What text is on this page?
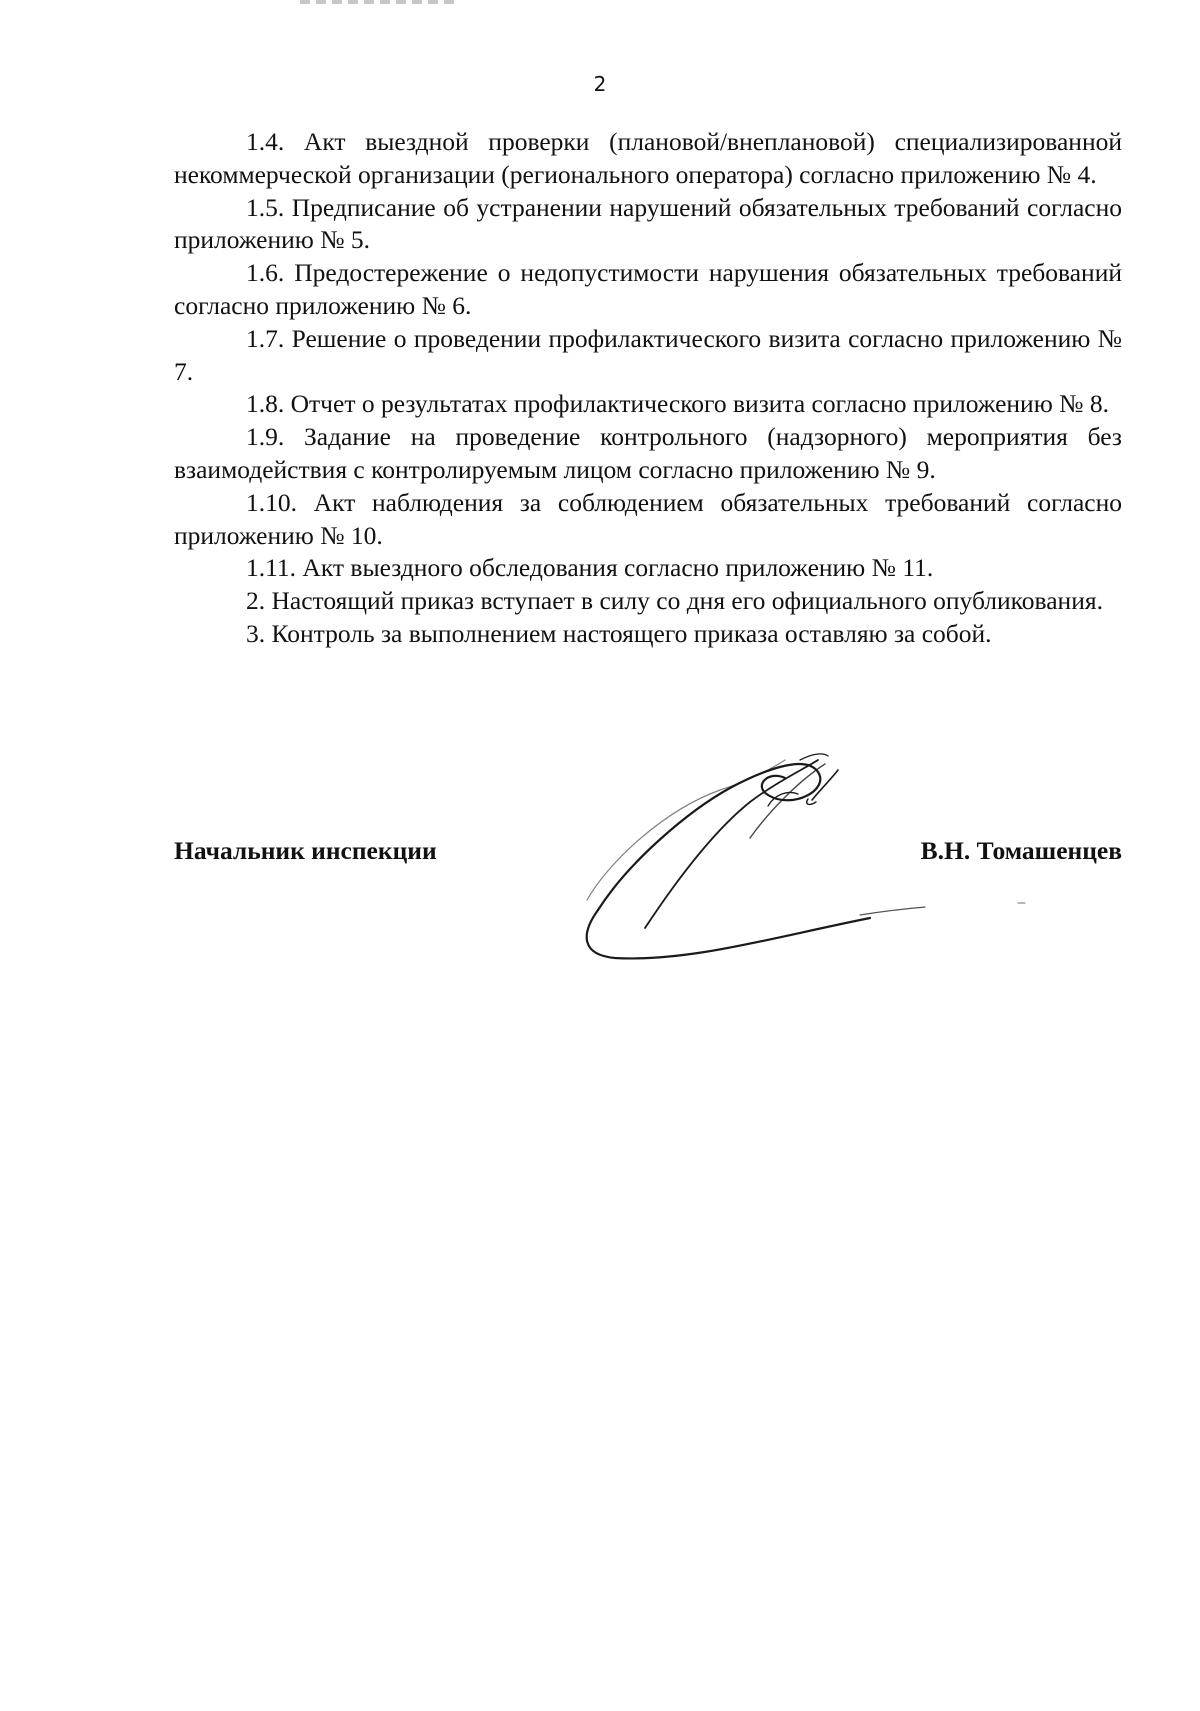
2

1.4. Акт выездной проверки (плановой/внеплановой) специализированной некоммерческой организации (регионального оператора) согласно приложению № 4.

1.5. Предписание об устранении нарушений обязательных требований согласно приложению № 5.

1.6. Предостережение о недопустимости нарушения обязательных требований согласно приложению № 6.

1.7. Решение о проведении профилактического визита согласно приложению № 7.

1.8. Отчет о результатах профилактического визита согласно приложению № 8.

1.9. Задание на проведение контрольного (надзорного) мероприятия без взаимодействия с контролируемым лицом согласно приложению № 9.

1.10. Акт наблюдения за соблюдением обязательных требований согласно приложению № 10.

1.11. Акт выездного обследования согласно приложению № 11.

2. Настоящий приказ вступает в силу со дня его официального опубликования.

3. Контроль за выполнением настоящего приказа оставляю за собой.

Начальник инспекции	В.Н. Томашенцев
